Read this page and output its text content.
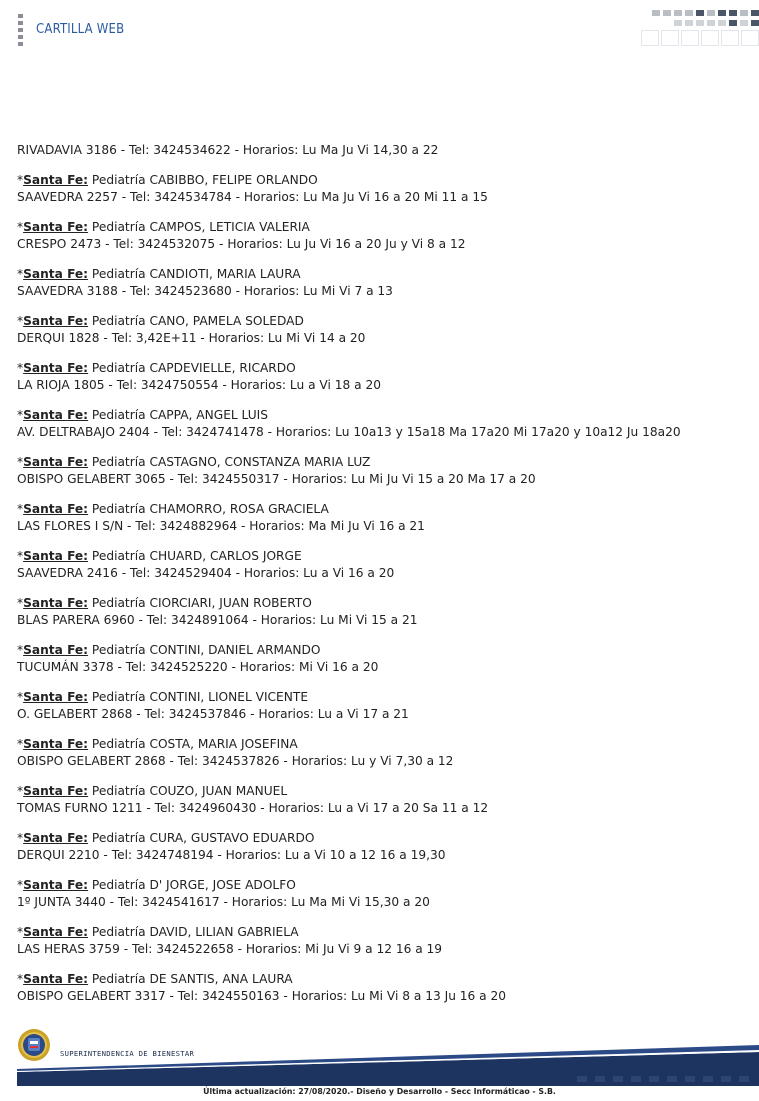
CARTILLA WEB
RIVADAVIA 3186 - Tel: 3424534622 - Horarios: Lu Ma Ju Vi 14,30 a 22
*Santa Fe: Pediatría CABIBBO, FELIPE ORLANDO
SAAVEDRA 2257 - Tel: 3424534784 - Horarios: Lu Ma Ju Vi 16 a 20 Mi 11 a 15
*Santa Fe: Pediatría CAMPOS, LETICIA VALERIA
CRESPO 2473 - Tel: 3424532075 - Horarios: Lu Ju Vi 16 a 20 Ju y Vi 8 a 12
*Santa Fe: Pediatría CANDIOTI, MARIA LAURA
SAAVEDRA 3188 - Tel: 3424523680 - Horarios: Lu Mi Vi 7 a 13
*Santa Fe: Pediatría CANO, PAMELA SOLEDAD
DERQUI 1828 - Tel: 3,42E+11 - Horarios: Lu Mi Vi 14 a 20
*Santa Fe: Pediatría CAPDEVIELLE, RICARDO
LA RIOJA 1805 - Tel: 3424750554 - Horarios: Lu a Vi 18 a 20
*Santa Fe: Pediatría CAPPA, ANGEL LUIS
AV. DELTRABAJO 2404 - Tel: 3424741478 - Horarios: Lu 10a13 y 15a18 Ma 17a20 Mi 17a20 y 10a12 Ju 18a20
*Santa Fe: Pediatría CASTAGNO, CONSTANZA MARIA LUZ
OBISPO GELABERT 3065 - Tel: 3424550317 - Horarios: Lu Mi Ju Vi 15 a 20 Ma 17 a 20
*Santa Fe: Pediatría CHAMORRO, ROSA GRACIELA
LAS FLORES I S/N - Tel: 3424882964 - Horarios: Ma Mi Ju Vi 16 a 21
*Santa Fe: Pediatría CHUARD, CARLOS JORGE
SAAVEDRA 2416 - Tel: 3424529404 - Horarios: Lu a Vi 16 a 20
*Santa Fe: Pediatría CIORCIARI, JUAN ROBERTO
BLAS PARERA 6960 - Tel: 3424891064 - Horarios: Lu Mi Vi 15 a 21
*Santa Fe: Pediatría CONTINI, DANIEL ARMANDO
TUCUMÁN 3378 - Tel: 3424525220 - Horarios: Mi Vi 16 a 20
*Santa Fe: Pediatría CONTINI, LIONEL VICENTE
O. GELABERT 2868 - Tel: 3424537846 - Horarios: Lu a Vi 17 a 21
*Santa Fe: Pediatría COSTA, MARIA JOSEFINA
OBISPO GELABERT 2868 - Tel: 3424537826 - Horarios: Lu y Vi 7,30 a 12
*Santa Fe: Pediatría COUZO, JUAN MANUEL
TOMAS FURNO 1211 - Tel: 3424960430 - Horarios: Lu a Vi 17 a 20 Sa 11 a 12
*Santa Fe: Pediatría CURA, GUSTAVO EDUARDO
DERQUI 2210 - Tel: 3424748194 - Horarios: Lu a Vi 10 a 12 16 a 19,30
*Santa Fe: Pediatría D' JORGE, JOSE ADOLFO
1º JUNTA 3440 - Tel: 3424541617 - Horarios: Lu Ma Mi Vi 15,30 a 20
*Santa Fe: Pediatría DAVID, LILIAN GABRIELA
LAS HERAS 3759 - Tel: 3424522658 - Horarios: Mi Ju Vi 9 a 12 16 a 19
*Santa Fe: Pediatría DE SANTIS, ANA LAURA
OBISPO GELABERT 3317 - Tel: 3424550163 - Horarios: Lu Mi Vi 8 a 13 Ju 16 a 20
SUPERINTENDENCIA DE BIENESTAR
Última actualización: 27/08/2020.- Diseño y Desarrollo - Secc Informáticao - S.B.
